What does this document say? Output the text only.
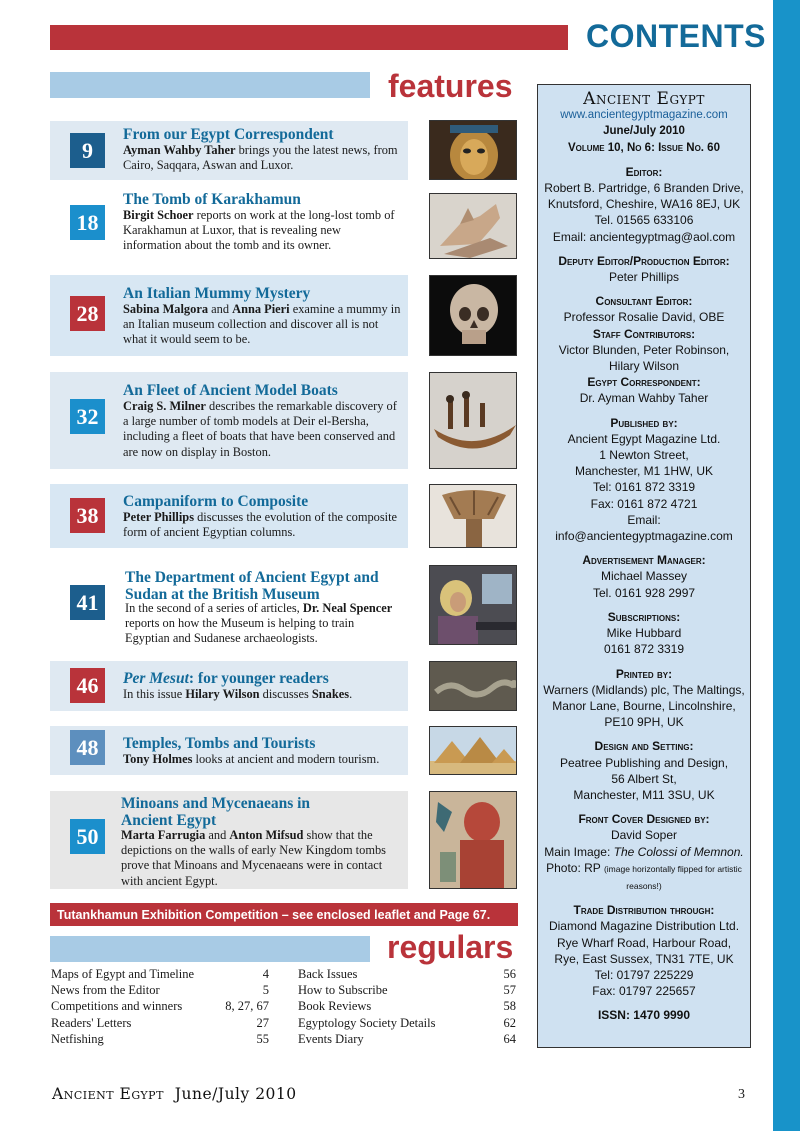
CONTENTS
features
9
From our Egypt Correspondent
Ayman Wahby Taher brings you the latest news, from Cairo, Saqqara, Aswan and Luxor.
18
The Tomb of Karakhamun
Birgit Schoer reports on work at the long-lost tomb of Karakhamun at Luxor, that is revealing new information about the tomb and its owner.
28
An Italian Mummy Mystery
Sabina Malgora and Anna Pieri examine a mummy in an Italian museum collection and discover all is not what it would seem to be.
32
An Fleet of Ancient Model Boats
Craig S. Milner describes the remarkable discovery of a large number of tomb models at Deir el-Bersha, including a fleet of boats that have been conserved and are now on display in Boston.
38
Campaniform to Composite
Peter Phillips discusses the evolution of the composite form of ancient Egyptian columns.
41
The Department of Ancient Egypt and Sudan at the British Museum
In the second of a series of articles, Dr. Neal Spencer reports on how the Museum is helping to train Egyptian and Sudanese archaeologists.
46	Per Mesut: for younger readers
In this issue Hilary Wilson discusses Snakes.
48	Temples, Tombs and Tourists
Tony Holmes looks at ancient and modern tourism.
50
Minoans and Mycenaeans in Ancient Egypt
Marta Farrugia and Anton Mifsud show that the depictions on the walls of early New Kingdom tombs prove that Minoans and Mycenaeans were in contact with ancient Egypt.
Tutankhamun Exhibition Competition – see enclosed leaflet and Page 67.
regulars
Maps of Egypt and Timeline	4
News from the Editor	5
Competitions and winners	8, 27, 67
Readers' Letters	27
Netfishing	55
Back Issues	56
How to Subscribe	57
Book Reviews	58
Egyptology Society Details	62
Events Diary	64
Ancient Egypt
www.ancientegyptmagazine.com
June/July 2010
Volume 10, No 6: Issue No. 60
Editor:
Robert B. Partridge, 6 Branden Drive,
Knutsford, Cheshire, WA16 8EJ, UK
Tel. 01565 633106
Email: ancientegyptmag@aol.com
Deputy Editor/Production Editor:
Peter Phillips
Consultant Editor:
Professor Rosalie David, OBE
Staff Contributors:
Victor Blunden, Peter Robinson,
Hilary Wilson
Egypt Correspondent:
Dr. Ayman Wahby Taher
Published by:
Ancient Egypt Magazine Ltd.
1 Newton Street,
Manchester, M1 1HW, UK
Tel: 0161 872 3319
Fax: 0161 872 4721
Email:
info@ancientegyptmagazine.com
Advertisement Manager:
Michael Massey
Tel. 0161 928 2997
Subscriptions:
Mike Hubbard
0161 872 3319
Printed by:
Warners (Midlands) plc, The Maltings,
Manor Lane, Bourne, Lincolnshire,
PE10 9PH, UK
Design and Setting:
Peatree Publishing and Design,
56 Albert St,
Manchester, M11 3SU, UK
Front Cover Designed by:
David Soper
Main Image: The Colossi of Memnon.
Photo: RP (image horizontally flipped for artistic reasons!)
Trade Distribution through:
Diamond Magazine Distribution Ltd.
Rye Wharf Road, Harbour Road,
Rye, East Sussex, TN31 7TE, UK
Tel: 01797 225229
Fax: 01797 225657
ISSN: 1470 9990
Ancient Egypt June/July 2010	3
